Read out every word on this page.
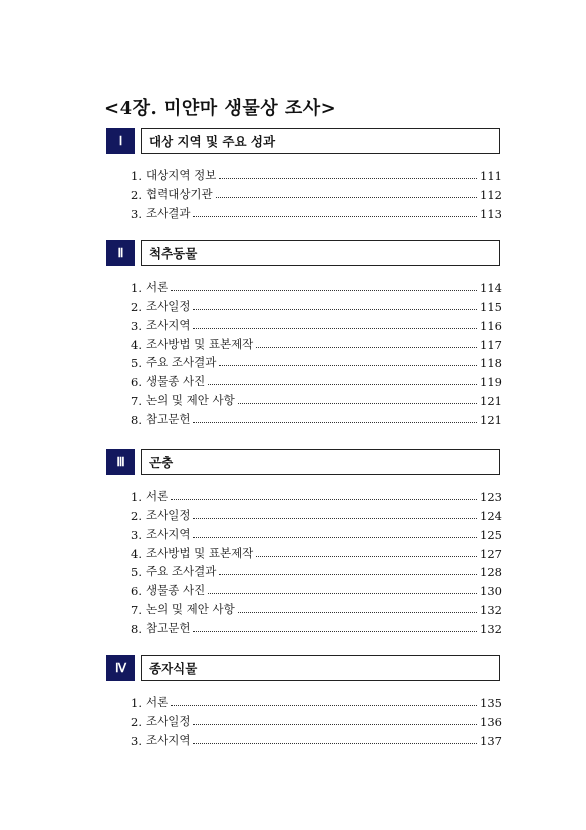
<4장. 미얀마 생물상 조사>
Ⅰ	대상 지역 및 주요 성과
1. 대상지역 정보	111
2. 협력대상기관	112
3. 조사결과	113
Ⅱ	척추동물
1. 서론	114
2. 조사일정	115
3. 조사지역	116
4. 조사방법 및 표본제작	117
5. 주요 조사결과	118
6. 생물종 사진	119
7. 논의 및 제안 사항	121
8. 참고문헌	121
Ⅲ	곤충
1. 서론	123
2. 조사일정	124
3. 조사지역	125
4. 조사방법 및 표본제작	127
5. 주요 조사결과	128
6. 생물종 사진	130
7. 논의 및 제안 사항	132
8. 참고문헌	132
Ⅳ	종자식물
1. 서론	135
2. 조사일정	136
3. 조사지역	137
